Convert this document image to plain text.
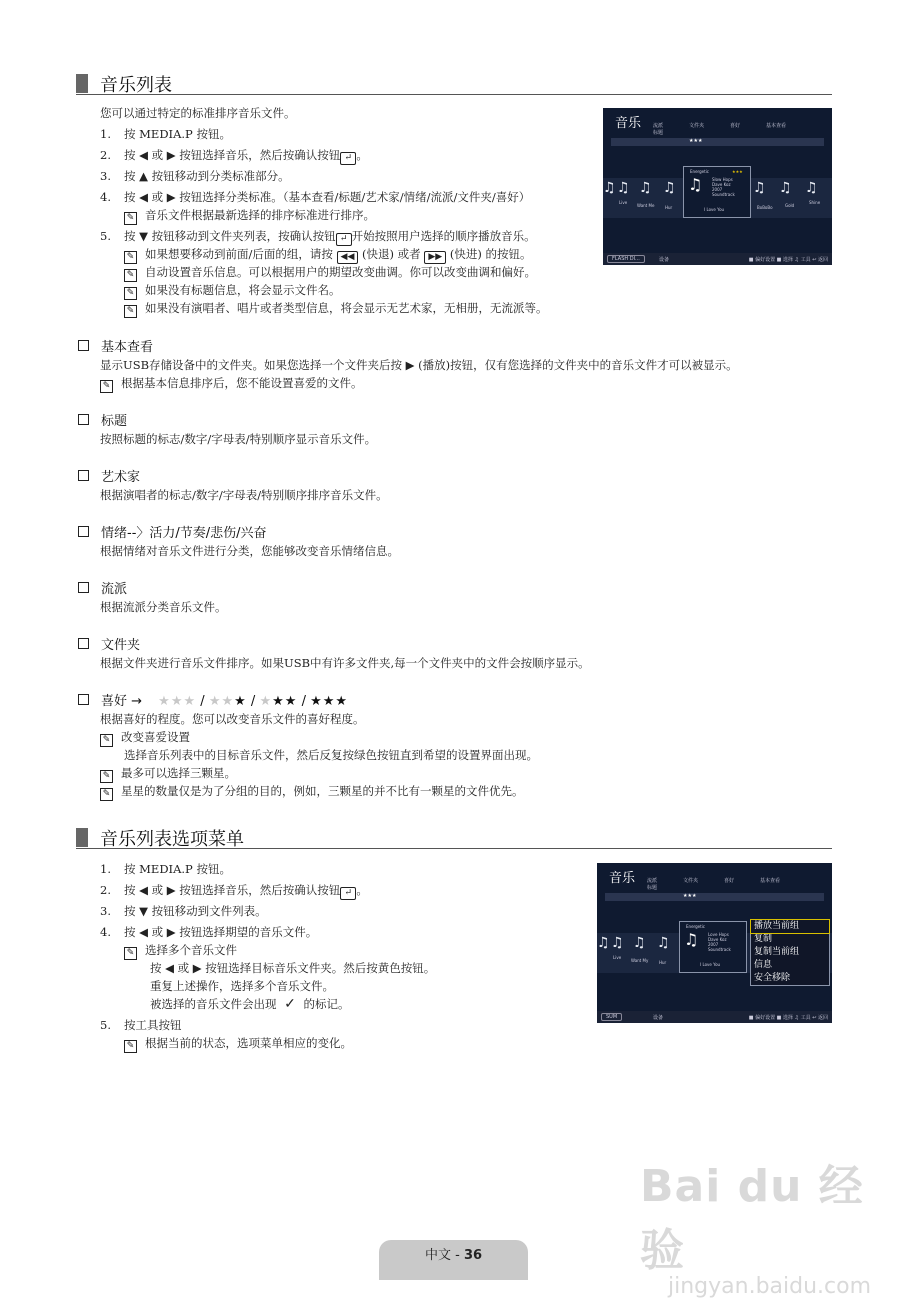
音乐列表
您可以通过特定的标准排序音乐文件。
1. 按 MEDIA.P 按钮。
2. 按 ◀ 或 ▶ 按钮选择音乐，然后按确认按钮 ↵ 。
3. 按 ▲ 按钮移动到分类标准部分。
4. 按 ◀ 或 ▶ 按钮选择分类标准。（基本查看/标题/艺术家/情绪/流派/文件夹/喜好）
✎ 音乐文件根据最新选择的排序标准进行排序。
5. 按 ▼ 按钮移动到文件夹列表，按确认按钮 ↵ 开始按照用户选择的顺序播放音乐。
✎ 如果想要移动到前面/后面的组，请按 ◀◀ (快退) 或者 ▶▶ (快进) 的按钮。
✎ 自动设置音乐信息。可以根据用户的期望改变曲调。你可以改变曲调和偏好。
✎ 如果没有标题信息，将会显示文件名。
✎ 如果没有演唱者、唱片或者类型信息，将会显示无艺术家，无相册，无流派等。
音乐 流派	文件夹	喜好	基本查看标题
★★★
♫ ♫ ♫ ♫	♫ ♫ ♫
Live
Want Me	Hur	BoBoBo	Gold
Shine
Energetic	★★★
♫ Slow Hops
Dave Koz
2007
Soundtrack
I Love You
FLASH DI...	设备	■ 偏好设置 ■ 选择 ♫ 工具 ↩ 返回
基本查看
显示USB存储设备中的文件夹。如果您选择一个文件夹后按 ▶ (播放)按钮，仅有您选择的文件夹中的音乐文件才可以被显示。
✎ 根据基本信息排序后，您不能设置喜爱的文件。
标题
按照标题的标志/数字/字母表/特别顺序显示音乐文件。
艺术家
根据演唱者的标志/数字/字母表/特别顺序排序音乐文件。
情绪--〉活力/节奏/悲伤/兴奋
根据情绪对音乐文件进行分类，您能够改变音乐情绪信息。
流派
根据流派分类音乐文件。
文件夹
根据文件夹进行音乐文件排序。如果USB中有许多文件夹,每一个文件夹中的文件会按顺序显示。
喜好 → ★★★ / ★★★ / ★★★ / ★★★
根据喜好的程度。您可以改变音乐文件的喜好程度。
✎ 改变喜爱设置
选择音乐列表中的目标音乐文件，然后反复按绿色按钮直到希望的设置界面出现。
✎ 最多可以选择三颗星。
✎ 星星的数量仅是为了分组的目的，例如，三颗星的并不比有一颗星的文件优先。
音乐列表选项菜单
1. 按 MEDIA.P 按钮。
2. 按 ◀ 或 ▶ 按钮选择音乐，然后按确认按钮 ↵ 。
3. 按 ▼ 按钮移动到文件列表。
4. 按 ◀ 或 ▶ 按钮选择期望的音乐文件。
✎ 选择多个音乐文件
按 ◀ 或 ▶ 按钮选择目标音乐文件夹。然后按黄色按钮。
重复上述操作，选择多个音乐文件。
被选择的音乐文件会出现 ✓ 的标记。
5. 按工具按钮
✎ 根据当前的状态，选项菜单相应的变化。
音乐 流派	文件夹	喜好	基本查看标题
★★★
♫ ♫ ♫ ♫
Live
Want My	Hur
Energetic
♫ Love Hops
Dave Koz
2007
Soundtrack
I Love You
播放当前组
复制
复制当前组
信息
安全移除
SUM	设备	■ 偏好设置 ■ 选择 ♫ 工具 ↩ 返回
Bai du 经验
jingyan.baidu.com
中文 - 36
